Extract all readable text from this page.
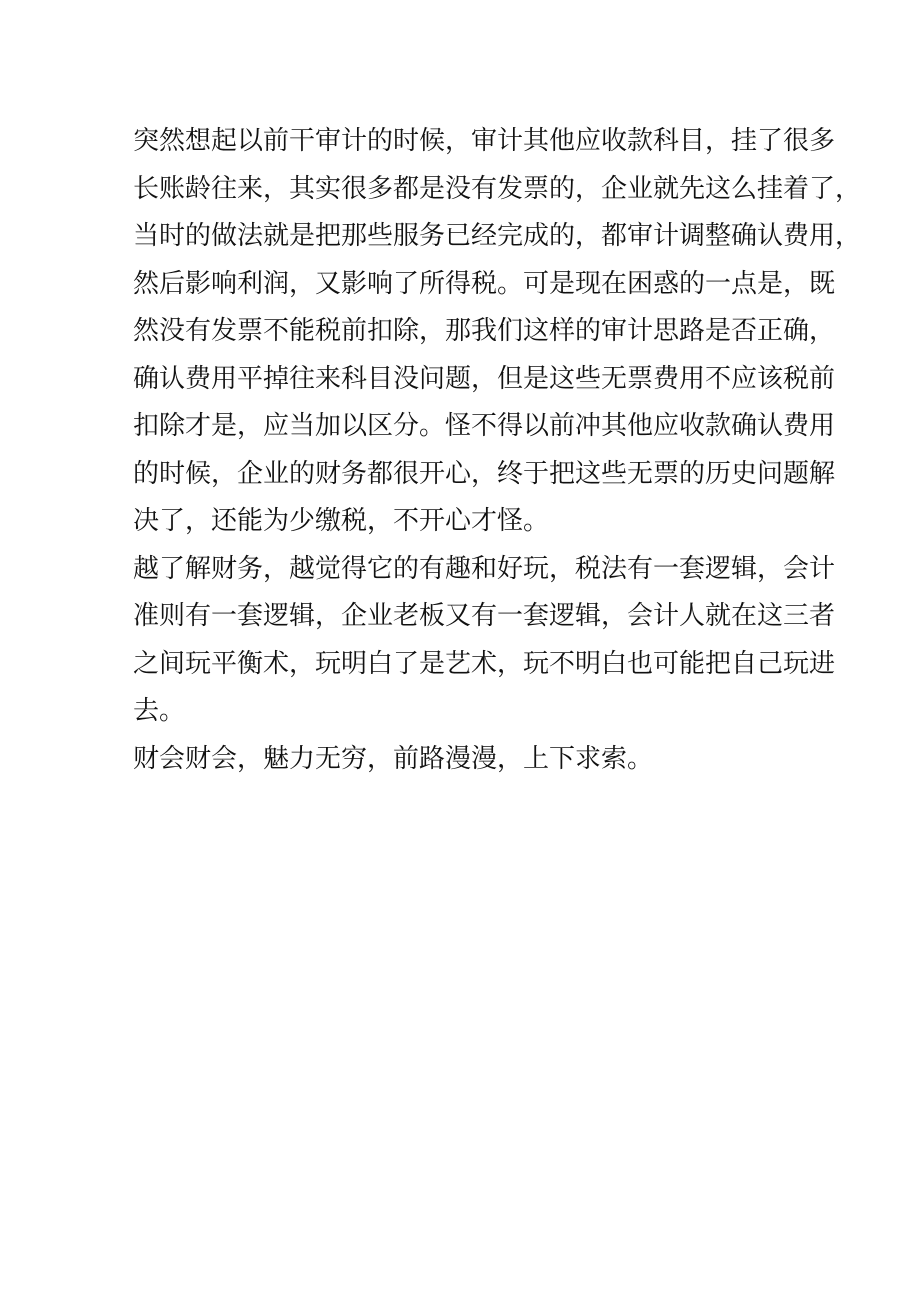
突然想起以前干审计的时候，审计其他应收款科目，挂了很多
长账龄往来，其实很多都是没有发票的，企业就先这么挂着了，
当时的做法就是把那些服务已经完成的，都审计调整确认费用，
然后影响利润，又影响了所得税。可是现在困惑的一点是，既
然没有发票不能税前扣除，那我们这样的审计思路是否正确，
确认费用平掉往来科目没问题，但是这些无票费用不应该税前
扣除才是，应当加以区分。怪不得以前冲其他应收款确认费用
的时候，企业的财务都很开心，终于把这些无票的历史问题解
决了，还能为少缴税，不开心才怪。
越了解财务，越觉得它的有趣和好玩，税法有一套逻辑，会计
准则有一套逻辑，企业老板又有一套逻辑，会计人就在这三者
之间玩平衡术，玩明白了是艺术，玩不明白也可能把自己玩进
去。
财会财会，魅力无穷，前路漫漫，上下求索。
